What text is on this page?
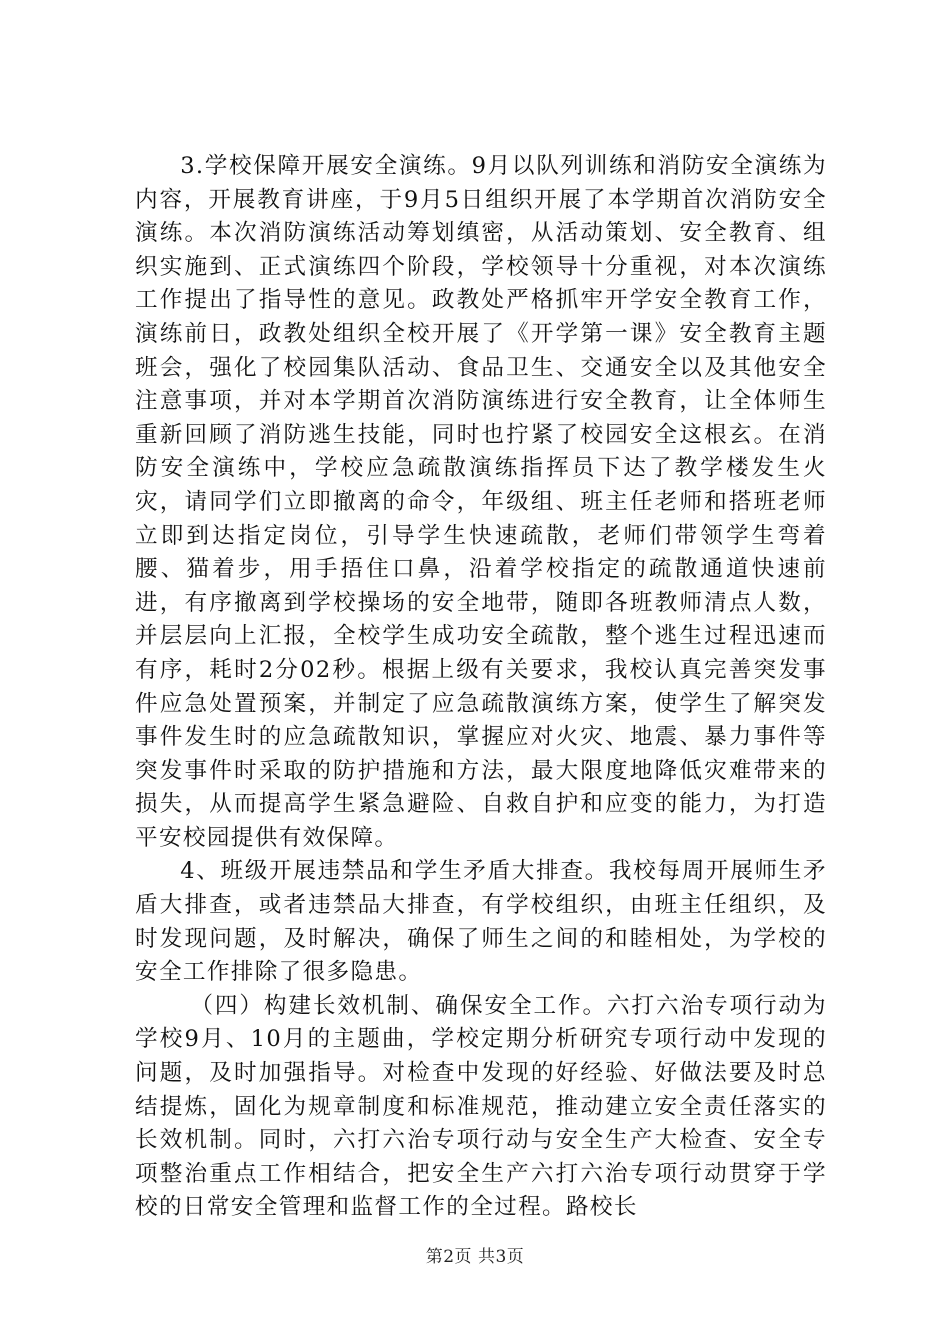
3.学校保障开展安全演练。9月以队列训练和消防安全演练为内容，开展教育讲座，于9月5日组织开展了本学期首次消防安全演练。本次消防演练活动筹划缜密，从活动策划、安全教育、组织实施到、正式演练四个阶段，学校领导十分重视，对本次演练工作提出了指导性的意见。政教处严格抓牢开学安全教育工作，演练前日，政教处组织全校开展了《开学第一课》安全教育主题班会，强化了校园集队活动、食品卫生、交通安全以及其他安全注意事项，并对本学期首次消防演练进行安全教育，让全体师生重新回顾了消防逃生技能，同时也拧紧了校园安全这根玄。在消防安全演练中，学校应急疏散演练指挥员下达了教学楼发生火灾，请同学们立即撤离的命令，年级组、班主任老师和搭班老师立即到达指定岗位，引导学生快速疏散，老师们带领学生弯着腰、猫着步，用手捂住口鼻，沿着学校指定的疏散通道快速前进，有序撤离到学校操场的安全地带，随即各班教师清点人数，并层层向上汇报，全校学生成功安全疏散，整个逃生过程迅速而有序，耗时2分02秒。根据上级有关要求，我校认真完善突发事件应急处置预案，并制定了应急疏散演练方案，使学生了解突发事件发生时的应急疏散知识，掌握应对火灾、地震、暴力事件等突发事件时采取的防护措施和方法，最大限度地降低灾难带来的损失，从而提高学生紧急避险、自救自护和应变的能力，为打造平安校园提供有效保障。

4、班级开展违禁品和学生矛盾大排查。我校每周开展师生矛盾大排查，或者违禁品大排查，有学校组织，由班主任组织，及时发现问题，及时解决，确保了师生之间的和睦相处，为学校的安全工作排除了很多隐患。

（四）构建长效机制、确保安全工作。六打六治专项行动为学校9月、10月的主题曲，学校定期分析研究专项行动中发现的问题，及时加强指导。对检查中发现的好经验、好做法要及时总结提炼，固化为规章制度和标准规范，推动建立安全责任落实的长效机制。同时，六打六治专项行动与安全生产大检查、安全专项整治重点工作相结合，把安全生产六打六治专项行动贯穿于学校的日常安全管理和监督工作的全过程。路校长

第2页 共3页
